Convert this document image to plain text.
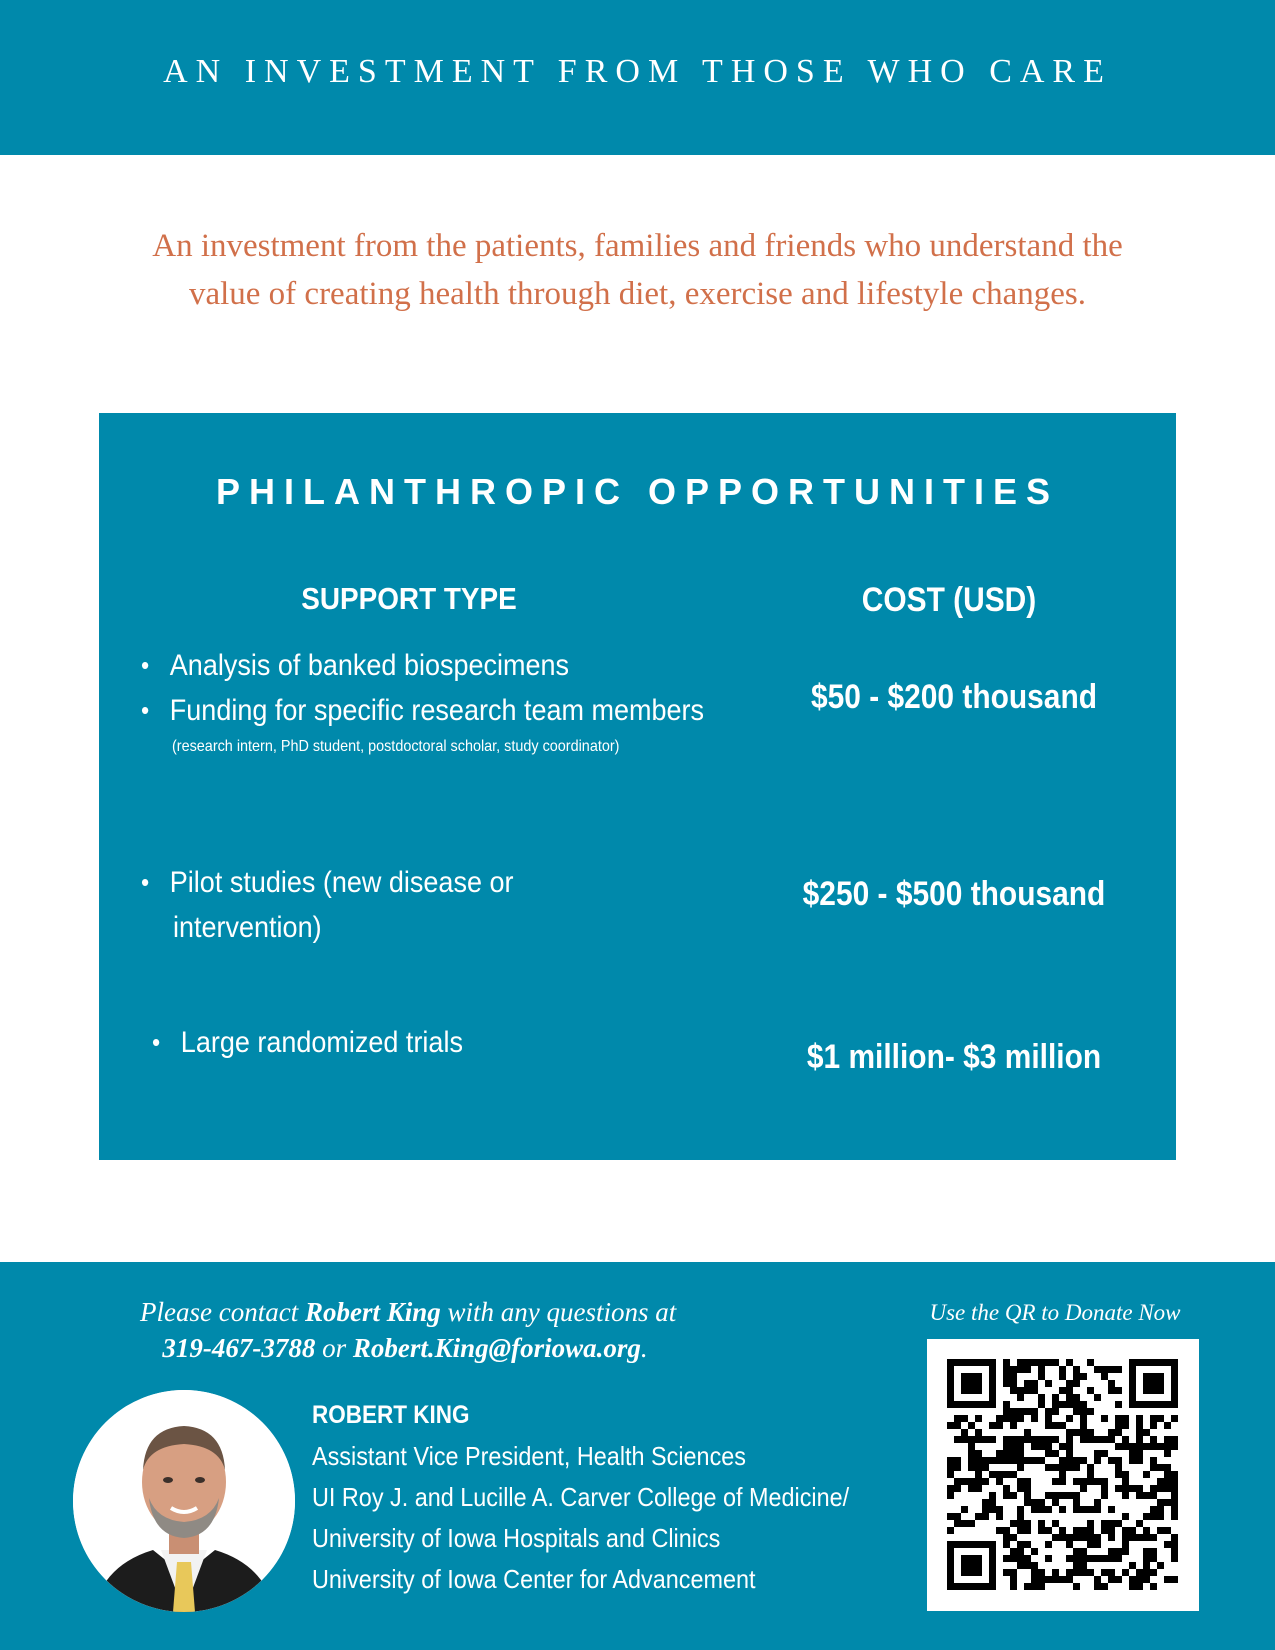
AN INVESTMENT FROM THOSE WHO CARE
An investment from the patients, families and friends who understand the
value of creating health through diet, exercise and lifestyle changes.
PHILANTHROPIC OPPORTUNITIES
SUPPORT TYPE	COST (USD)
• Analysis of banked biospecimens
• Funding for specific research team members
(research intern, PhD student, postdoctoral scholar, study coordinator)
$50 - $200 thousand
• Pilot studies (new disease or
intervention)
$250 - $500 thousand
• Large randomized trials	$1 million- $3 million
Please contact Robert King with any questions at
319-467-3788 or Robert.King@foriowa.org.
Use the QR to Donate Now
ROBERT KING
Assistant Vice President, Health Sciences
UI Roy J. and Lucille A. Carver College of Medicine/
University of Iowa Hospitals and Clinics
University of Iowa Center for Advancement
